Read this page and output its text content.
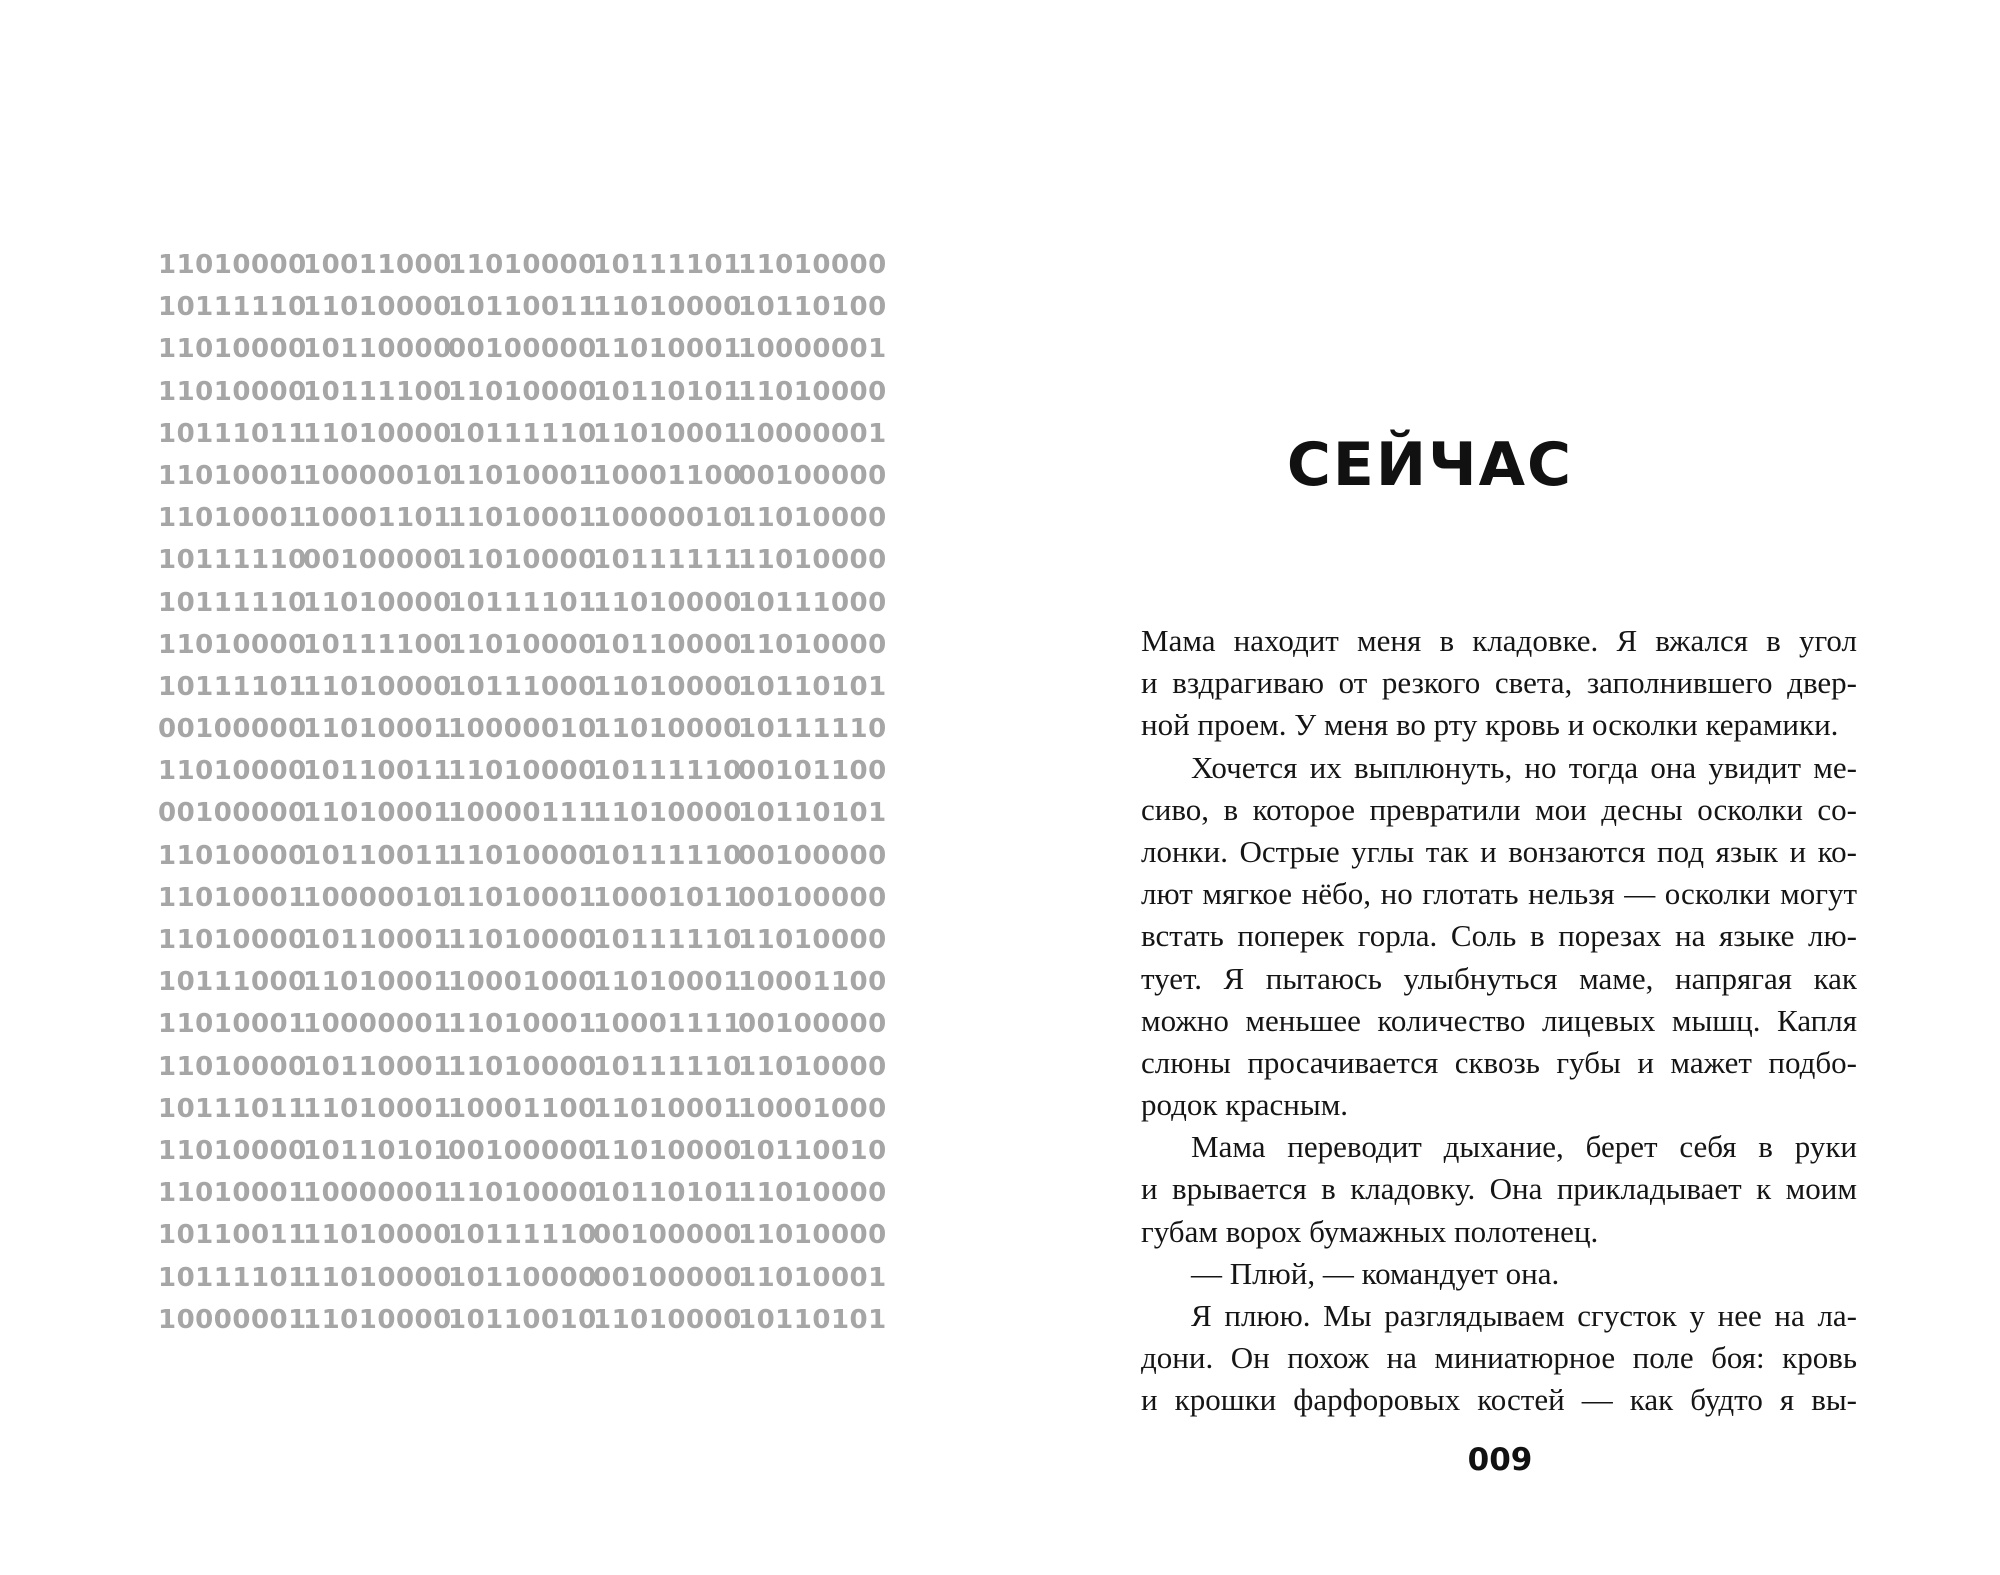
1101000010011000110100001011110111010000
1011111011010000101100111101000010110100
1101000010110000001000001101000110000001
1101000010111100110100001011010111010000
1011101111010000101111101101000110000001
1101000110000010110100011000110000100000
1101000110001101110100011000001011010000
1011111000100000110100001011111111010000
1011111011010000101111011101000010111000
1101000010111100110100001011000011010000
1011110111010000101110001101000010110101
0010000011010001100000101101000010111110
1101000010110011110100001011111000101100
0010000011010001100001111101000010110101
1101000010110011110100001011111000100000
1101000110000010110100011000101100100000
1101000010110001110100001011111011010000
1011100011010001100010001101000110001100
1101000110000001110100011000111100100000
1101000010110001110100001011111011010000
1011101111010001100011001101000110001000
1101000010110101001000001101000010110010
1101000110000001110100001011010111010000
1011001111010000101111100010000011010000
1011110111010000101100000010000011010001
1000000111010000101100101101000010110101
СЕЙЧАС
Мама находит меня в кладовке. Я вжался в угол
и вздрагиваю от резкого света, заполнившего двер-
ной проем. У меня во рту кровь и осколки керамики.
Хочется их выплюнуть, но тогда она увидит ме-
сиво, в которое превратили мои десны осколки со-
лонки. Острые углы так и вонзаются под язык и ко-
лют мягкое нёбо, но глотать нельзя — осколки могут
встать поперек горла. Соль в порезах на языке лю-
тует. Я пытаюсь улыбнуться маме, напрягая как
можно меньшее количество лицевых мышц. Капля
слюны просачивается сквозь губы и мажет подбо-
родок красным.
Мама переводит дыхание, берет себя в руки
и врывается в кладовку. Она прикладывает к моим
губам ворох бумажных полотенец.
— Плюй, — командует она.
Я плюю. Мы разглядываем сгусток у нее на ла-
дони. Он похож на миниатюрное поле боя: кровь
и крошки фарфоровых костей — как будто я вы-
009
